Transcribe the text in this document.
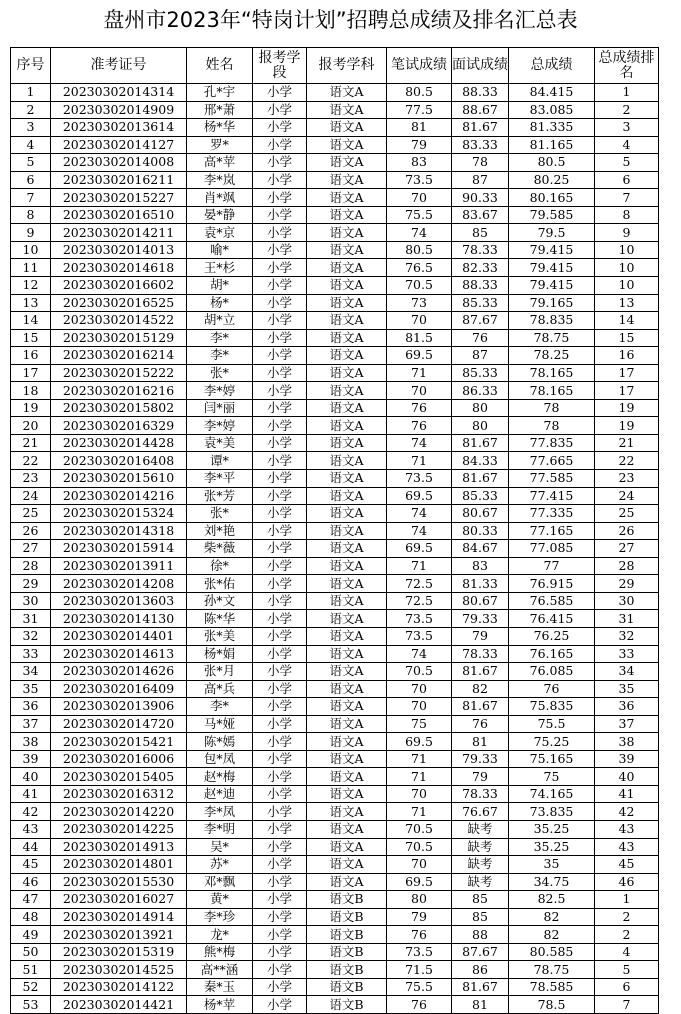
盘州市2023年“特岗计划”招聘总成绩及排名汇总表
序号	准考证号	姓名	报考学段	报考学科	笔试成绩	面试成绩	总成绩	总成绩排名
1	20230302014314	孔*宇	小学	语文A	80.5	88.33	84.415	1
2	20230302014909	邢*萧	小学	语文A	77.5	88.67	83.085	2
3	20230302013614	杨*华	小学	语文A	81	81.67	81.335	3
4	20230302014127	罗*	小学	语文A	79	83.33	81.165	4
5	20230302014008	高*苹	小学	语文A	83	78	80.5	5
6	20230302016211	李*岚	小学	语文A	73.5	87	80.25	6
7	20230302015227	肖*飒	小学	语文A	70	90.33	80.165	7
8	20230302016510	晏*静	小学	语文A	75.5	83.67	79.585	8
9	20230302014211	袁*京	小学	语文A	74	85	79.5	9
10	20230302014013	喻*	小学	语文A	80.5	78.33	79.415	10
11	20230302014618	王*杉	小学	语文A	76.5	82.33	79.415	10
12	20230302016602	胡*	小学	语文A	70.5	88.33	79.415	10
13	20230302016525	杨*	小学	语文A	73	85.33	79.165	13
14	20230302014522	胡*立	小学	语文A	70	87.67	78.835	14
15	20230302015129	李*	小学	语文A	81.5	76	78.75	15
16	20230302016214	李*	小学	语文A	69.5	87	78.25	16
17	20230302015222	张*	小学	语文A	71	85.33	78.165	17
18	20230302016216	李*婷	小学	语文A	70	86.33	78.165	17
19	20230302015802	闫*丽	小学	语文A	76	80	78	19
20	20230302016329	李*婷	小学	语文A	76	80	78	19
21	20230302014428	袁*美	小学	语文A	74	81.67	77.835	21
22	20230302016408	谭*	小学	语文A	71	84.33	77.665	22
23	20230302015610	李*平	小学	语文A	73.5	81.67	77.585	23
24	20230302014216	张*芳	小学	语文A	69.5	85.33	77.415	24
25	20230302015324	张*	小学	语文A	74	80.67	77.335	25
26	20230302014318	刘*艳	小学	语文A	74	80.33	77.165	26
27	20230302015914	柴*薇	小学	语文A	69.5	84.67	77.085	27
28	20230302013911	徐*	小学	语文A	71	83	77	28
29	20230302014208	张*佑	小学	语文A	72.5	81.33	76.915	29
30	20230302013603	孙*文	小学	语文A	72.5	80.67	76.585	30
31	20230302014130	陈*华	小学	语文A	73.5	79.33	76.415	31
32	20230302014401	张*美	小学	语文A	73.5	79	76.25	32
33	20230302014613	杨*娟	小学	语文A	74	78.33	76.165	33
34	20230302014626	张*月	小学	语文A	70.5	81.67	76.085	34
35	20230302016409	高*兵	小学	语文A	70	82	76	35
36	20230302013906	李*	小学	语文A	70	81.67	75.835	36
37	20230302014720	马*娅	小学	语文A	75	76	75.5	37
38	20230302015421	陈*嫣	小学	语文A	69.5	81	75.25	38
39	20230302016006	包*凤	小学	语文A	71	79.33	75.165	39
40	20230302015405	赵*梅	小学	语文A	71	79	75	40
41	20230302016312	赵*迪	小学	语文A	70	78.33	74.165	41
42	20230302014220	李*凤	小学	语文A	71	76.67	73.835	42
43	20230302014225	李*明	小学	语文A	70.5	缺考	35.25	43
44	20230302014913	吴*	小学	语文A	70.5	缺考	35.25	43
45	20230302014801	苏*	小学	语文A	70	缺考	35	45
46	20230302015530	邓*飘	小学	语文A	69.5	缺考	34.75	46
47	20230302016027	黄*	小学	语文B	80	85	82.5	1
48	20230302014914	李*珍	小学	语文B	79	85	82	2
49	20230302013921	龙*	小学	语文B	76	88	82	2
50	20230302015319	熊*梅	小学	语文B	73.5	87.67	80.585	4
51	20230302014525	高**涵	小学	语文B	71.5	86	78.75	5
52	20230302014122	秦*玉	小学	语文B	75.5	81.67	78.585	6
53	20230302014421	杨*苹	小学	语文B	76	81	78.5	7
